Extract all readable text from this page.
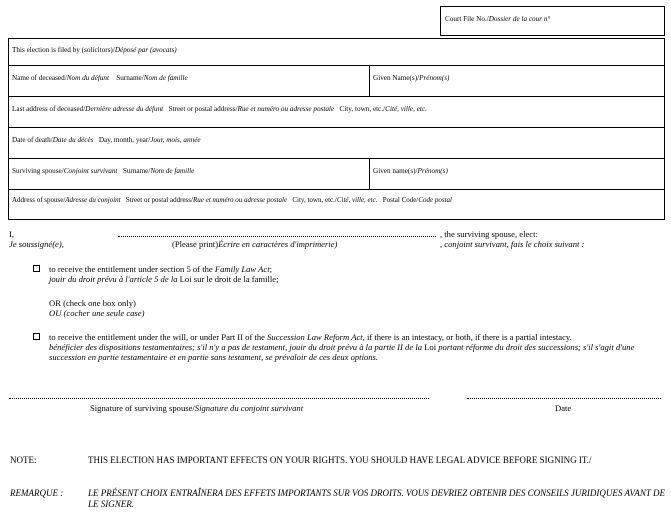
Court File No./Dossier de la cour n°
This election is filed by (solicitors)/Déposé par (avocats)
Name of deceased/Nom du défunt Surname/Nom de famille	Given Name(s)/Prénom(s)
Last address of deceased/Dernière adresse du défunt Street or postal address/Rue et numéro ou adresse postale City, town, etc./Cité, ville, etc.
Date of death/Date du décès Day, month, year/Jour, mois, année
Surviving spouse/Conjoint survivant Surname/Nom de famille	Given name(s)/Prénom(s)
Address of spouse/Adresse du conjoint Street or postal address/Rue et numéro ou adresse postale City, town, etc./Cité, ville, etc. Postal Code/Code postal
I,
Je soussigné(e),	(Please print)Écrire en caractères d'imprimerie)
, the surviving spouse, elect:
, conjoint survivant, fais le choix suivant :
to receive the entitlement under section 5 of the Family Law Act;
jouir du droit prévu à l'article 5 de la Loi sur le droit de la famille;
OR (check one box only)
OU (cocher une seule case)
to receive the entitlement under the will, or under Part II of the Succession Law Reform Act, if there is an intestacy, or both, if there is a partial intestacy.
bénéficier des dispositions testamentaires; s'il n'y a pas de testament, jouir du droit prévu à la partie II de la Loi portant réforme du droit des successions; s'il s'agit d'une succession en partie testamentaire et en partie sans testament, se prévaloir de ces deux options.
Signature of surviving spouse/Signature du conjoint survivant	Date
NOTE:	THIS ELECTION HAS IMPORTANT EFFECTS ON YOUR RIGHTS. YOU SHOULD HAVE LEGAL ADVICE BEFORE SIGNING IT./
REMARQUE :	LE PRÉSENT CHOIX ENTRAÎNERA DES EFFETS IMPORTANTS SUR VOS DROITS. VOUS DEVRIEZ OBTENIR DES CONSEILS JURIDIQUES AVANT DE LE SIGNER.
